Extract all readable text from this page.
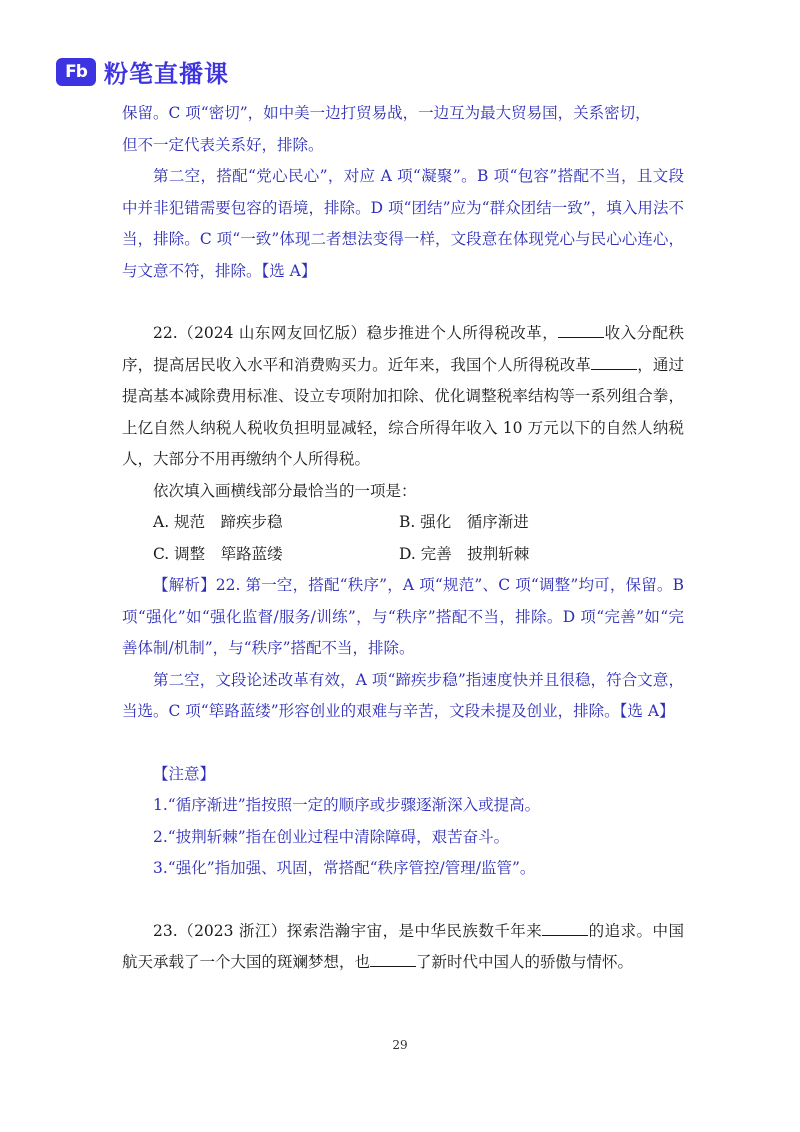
Fb 粉笔直播课

保留。C 项“密切”，如中美一边打贸易战，一边互为最大贸易国，关系密切，

但不一定代表关系好，排除。

第二空，搭配“党心民心”，对应 A 项“凝聚”。B 项“包容”搭配不当，且文段中并非犯错需要包容的语境，排除。D 项“团结”应为“群众团结一致”，填入用法不当，排除。C 项“一致”体现二者想法变得一样，文段意在体现党心与民心心连心，与文意不符，排除。【选 A】

22.（2024 山东网友回忆版）稳步推进个人所得税改革，	收入分配秩序，提高居民收入水平和消费购买力。近年来，我国个人所得税改革	，通过提高基本减除费用标准、设立专项附加扣除、优化调整税率结构等一系列组合拳，上亿自然人纳税人税收负担明显减轻，综合所得年收入 10 万元以下的自然人纳税人，大部分不用再缴纳个人所得税。

依次填入画横线部分最恰当的一项是：

A. 规范　蹄疾步稳	B. 强化　循序渐进
C. 调整　筚路蓝缕	D. 完善　披荆斩棘

【解析】22. 第一空，搭配“秩序”，A 项“规范”、C 项“调整”均可，保留。B 项“强化”如“强化监督/服务/训练”，与“秩序”搭配不当，排除。D 项“完善”如“完善体制/机制”，与“秩序”搭配不当，排除。

第二空，文段论述改革有效，A 项“蹄疾步稳”指速度快并且很稳，符合文意，当选。C 项“筚路蓝缕”形容创业的艰难与辛苦，文段未提及创业，排除。【选 A】

【注意】

1.“循序渐进”指按照一定的顺序或步骤逐渐深入或提高。

2.“披荆斩棘”指在创业过程中清除障碍，艰苦奋斗。

3.“强化”指加强、巩固，常搭配“秩序管控/管理/监管”。

23.（2023 浙江）探索浩瀚宇宙，是中华民族数千年来	的追求。中国航天承载了一个大国的斑斓梦想，也	了新时代中国人的骄傲与情怀。

29
